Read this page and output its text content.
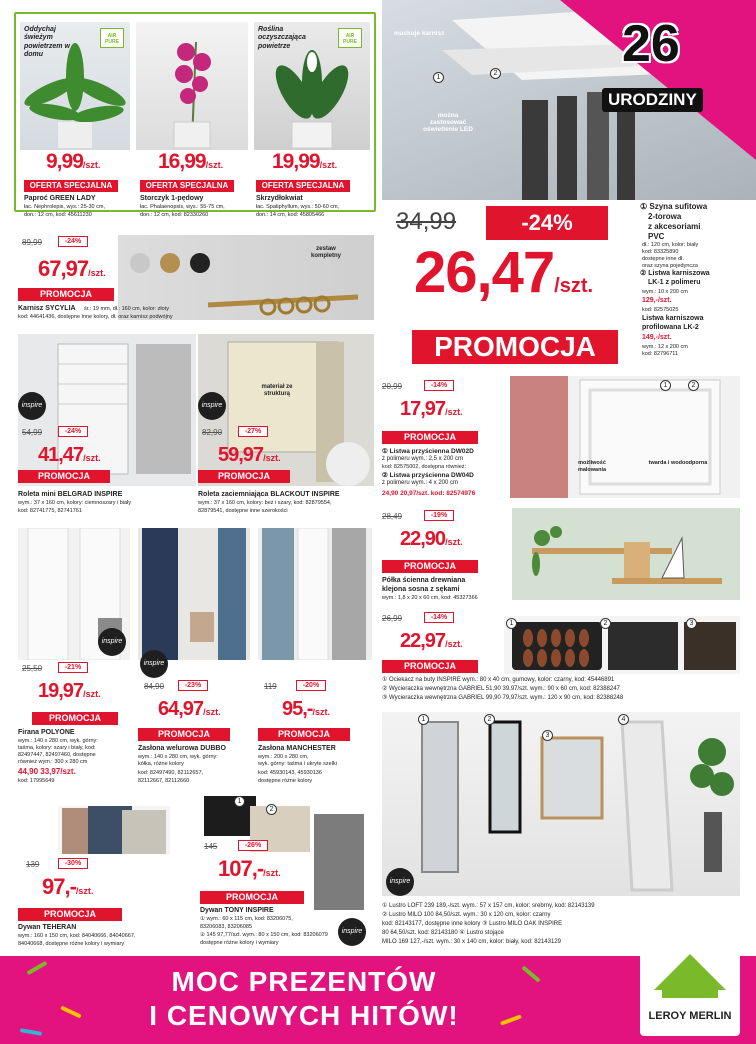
Oddychaj świeżym powietrzem w domu
AIR PURE
9,99/szt.
OFERTA SPECJALNA
Paproć GREEN LADY
łac. Nephrolepis, wys.: 25-30 cm,
don.: 12 cm, kod: 45611230
16,99/szt.
OFERTA SPECJALNA
Storczyk 1-pędowy
łac. Phalaenopsis, wys.: 55-75 cm,
don.: 12 cm, kod: 82330260
Roślina oczyszczająca powietrze
AIR PURE
19,99/szt.
OFERTA SPECJALNA
Skrzydłokwiat
łac. Spatiphyllum, wys.: 50-60 cm,
don.: 14 cm, kod: 45805466
26
URODZINY
maskuje karnisz
można zastosować oświetlenie LED
1
2
34,99	-24%
26,47/szt.
PROMOCJA
① Szyna sufitowa
2-torowa
z akcesoriami
PVC
dł.: 120 cm, kolor: biały
kod: 83325890
dostępne inne dł.
oraz szyna pojedyncza
② Listwa karniszowa
LK-1 z polimeru
wym.: 10 x 200 cm
129,-/szt.
kod: 82575025
Listwa karniszowa
profilowana LK-2
149,-/szt.
wym.: 12 x 200 cm
kod: 82796711
zestaw kompletny
89,99	-24%
67,97/szt.
PROMOCJA
Karnisz SYCYLIA śr.: 19 mm, dł.: 160 cm, kolor: złoty
kod: 44641436, dostępne inne kolory, dł. oraz karnisz podwójny
inspire
54,99	-24%
41,47/szt.
PROMOCJA
Roleta mini BELGRAD INSPIRE
wym.: 37 x 160 cm, kolory: ciemnoszary i biały
kod: 82741775, 82741761
inspire
materiał ze strukturą
82,90	-27%
59,97/szt.
PROMOCJA
Roleta zaciemniająca BLACKOUT INSPIRE
wym.: 37 x 160 cm, kolory: beż i szary, kod: 82879554,
82879541, dostępne inne szerokości
20,99	-14%
17,97/szt.
PROMOCJA
① Listwa przyścienna DW02D
z polimeru wym.: 2,5 x 200 cm
kod: 82575002, dostępna również:
② Listwa przyścienna DW04D
z polimeru wym.: 4 x 200 cm
24,90 20,97/szt. kod: 82574976
1	2
możliwość malowania
twarda i wodoodporna
28,49	-19%
22,90/szt.
PROMOCJA
Półka ścienna drewniana
klejona sosna z sękami
wym.: 1,8 x 20 x 60 cm, kod: 45327366
26,99	-14%
22,97/szt.
PROMOCJA
1	2	3
① Ociekacz na buty INSPIRE wym.: 80 x 40 cm, gumowy, kolor: czarny, kod: 45446891
② Wycieraczka wewnętrzna GABRIEL 51,90 39,97/szt. wym.: 90 x 60 cm, kod: 82388247
③ Wycieraczka wewnętrzna GABRIEL 99,90 79,97/szt. wym.: 120 x 90 cm, kod: 82388248
1	2
3
4
inspire
① Lustro LOFT 239 189,-/szt. wym.: 57 x 157 cm, kolor: srebrny, kod: 82143139
② Lustro MILO 100 84,50/szt. wym.: 30 x 120 cm, kolor: czarny
kod: 82143177, dostępne inne kolory ③ Lustro MILO OAK INSPIRE
80 64,50/szt. kod: 82143180 ④ Lustro stojące
MILO 169 127,-/szt. wym.: 30 x 140 cm, kolor: biały, kod: 82143129
inspire
inspire
25,50	-21%
19,97/szt.
PROMOCJA
Firana POLYONE
wym.: 140 x 280 cm, wyk. górny:
taśma, kolory: szary i biały, kod:
82497447, 82497460, dostępne
również wym.: 300 x 280 cm
44,90 33,97/szt.
kod: 17995649
84,90	-23%
64,97/szt.
PROMOCJA
Zasłona welurowa DUBBO
wym.: 140 x 280 cm, wyk. górny:
kółka, różne kolory
kod: 82497490, 82112657,
82112667, 82112660
119	-20%
95,-/szt.
PROMOCJA
Zasłona MANCHESTER
wym.: 200 x 280 cm,
wyk. górny: taśma i ukryte szelki
kod: 45930143, 45930136
dostępne różne kolory
139	-30%
97,-/szt.
PROMOCJA
Dywan TEHERAN
wym.: 160 x 150 cm, kod: 84040666, 84040667,
84040668, dostępne różne kolory i wymiary
1
2
inspire
145	-26%
107,-/szt.
PROMOCJA
Dywan TONY INSPIRE
① wym.: 60 x 115 cm, kod: 83206075,
83206083, 83206085
② 145 97,77/szt. wym.: 80 x 150 cm, kod: 83206079
dostępne różne kolory i wymiary
MOC PREZENTÓW
I CENOWYCH HITÓW!	LEROY MERLIN
